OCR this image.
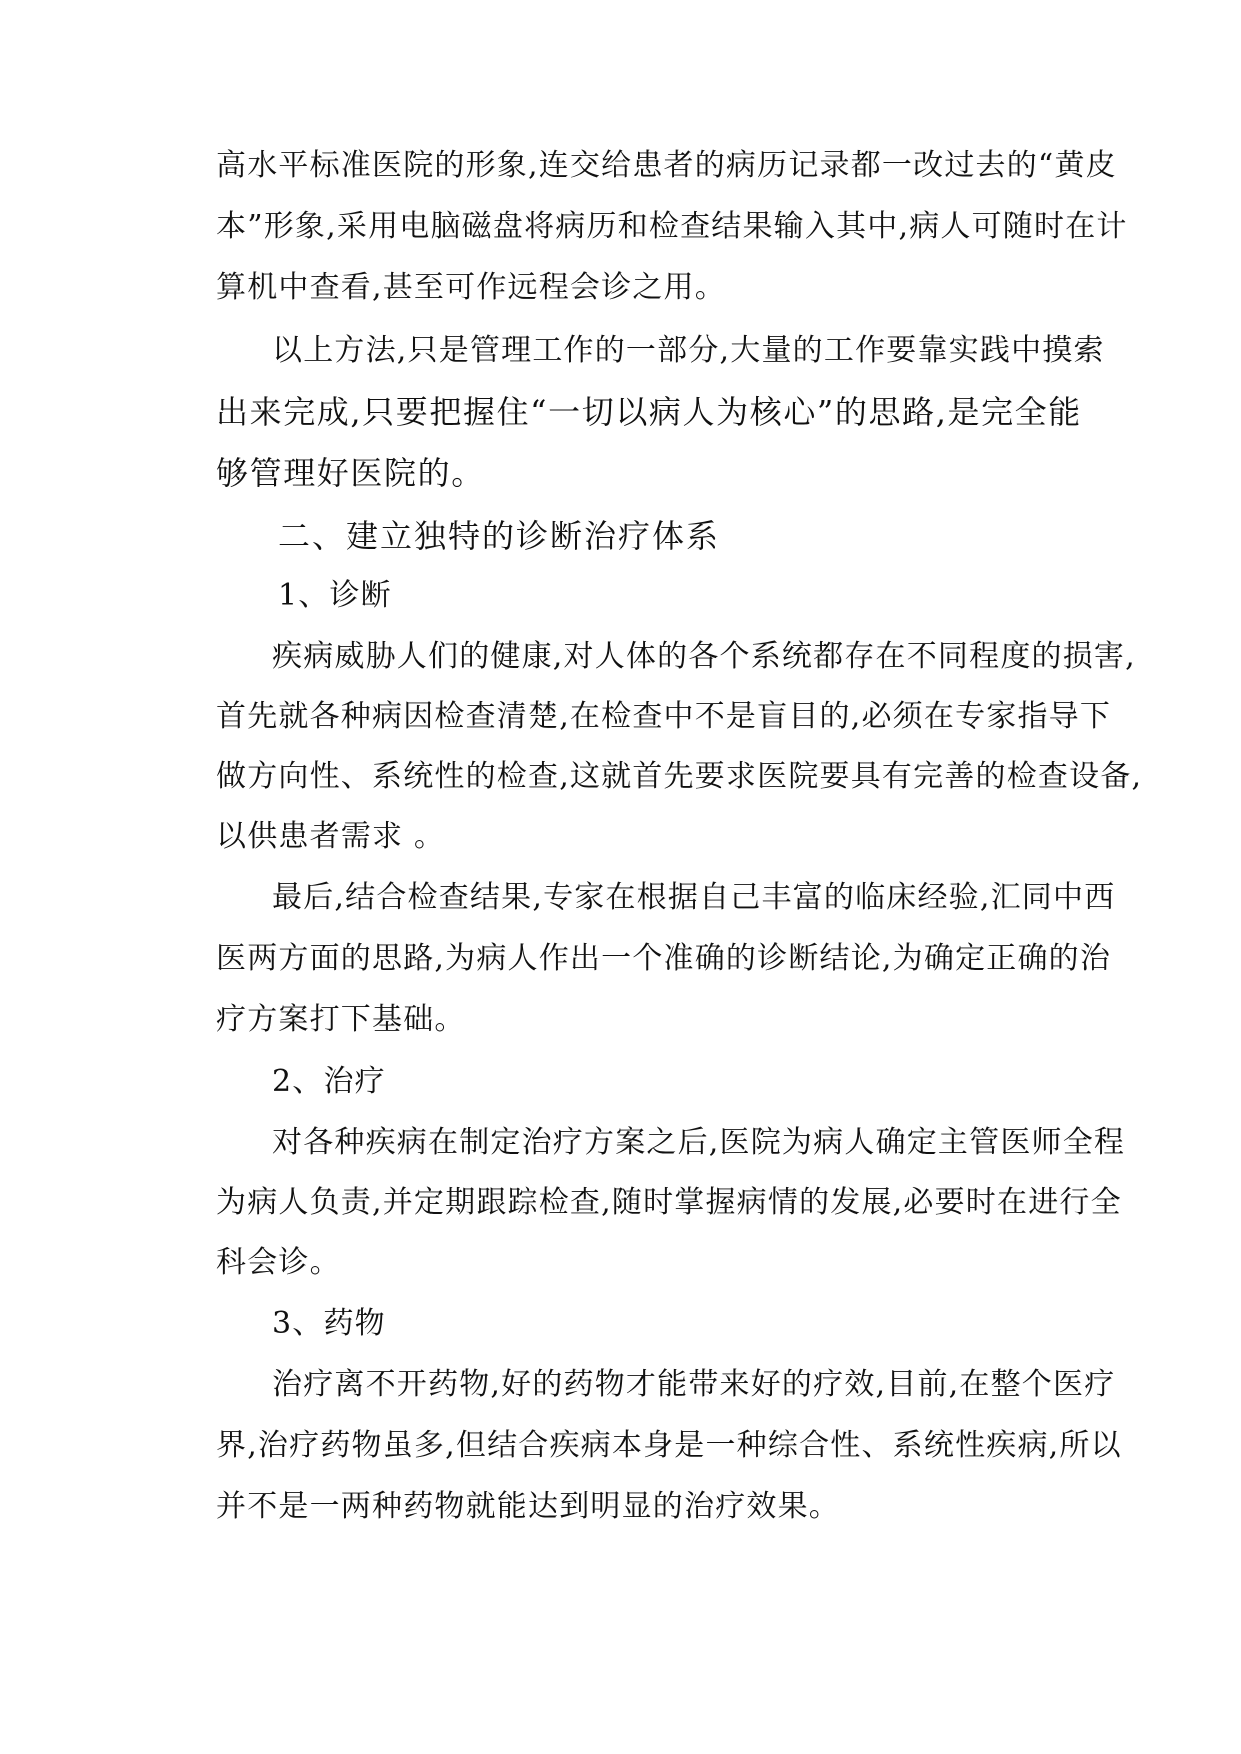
高水平标准医院的形象,连交给患者的病历记录都一改过去的“黄皮
本”形象,采用电脑磁盘将病历和检查结果输入其中,病人可随时在计
算机中查看,甚至可作远程会诊之用。
以上方法,只是管理工作的一部分,大量的工作要靠实践中摸索
出来完成,只要把握住“一切以病人为核心”的思路,是完全能
够管理好医院的。
二、建立独特的诊断治疗体系
1、诊断
疾病威胁人们的健康,对人体的各个系统都存在不同程度的损害,
首先就各种病因检查清楚,在检查中不是盲目的,必须在专家指导下
做方向性、系统性的检查,这就首先要求医院要具有完善的检查设备,
以供患者需求 。
最后,结合检查结果,专家在根据自己丰富的临床经验,汇同中西
医两方面的思路,为病人作出一个准确的诊断结论,为确定正确的治
疗方案打下基础。
2、治疗
对各种疾病在制定治疗方案之后,医院为病人确定主管医师全程
为病人负责,并定期跟踪检查,随时掌握病情的发展,必要时在进行全
科会诊。
3、药物
治疗离不开药物,好的药物才能带来好的疗效,目前,在整个医疗
界,治疗药物虽多,但结合疾病本身是一种综合性、系统性疾病,所以
并不是一两种药物就能达到明显的治疗效果。
